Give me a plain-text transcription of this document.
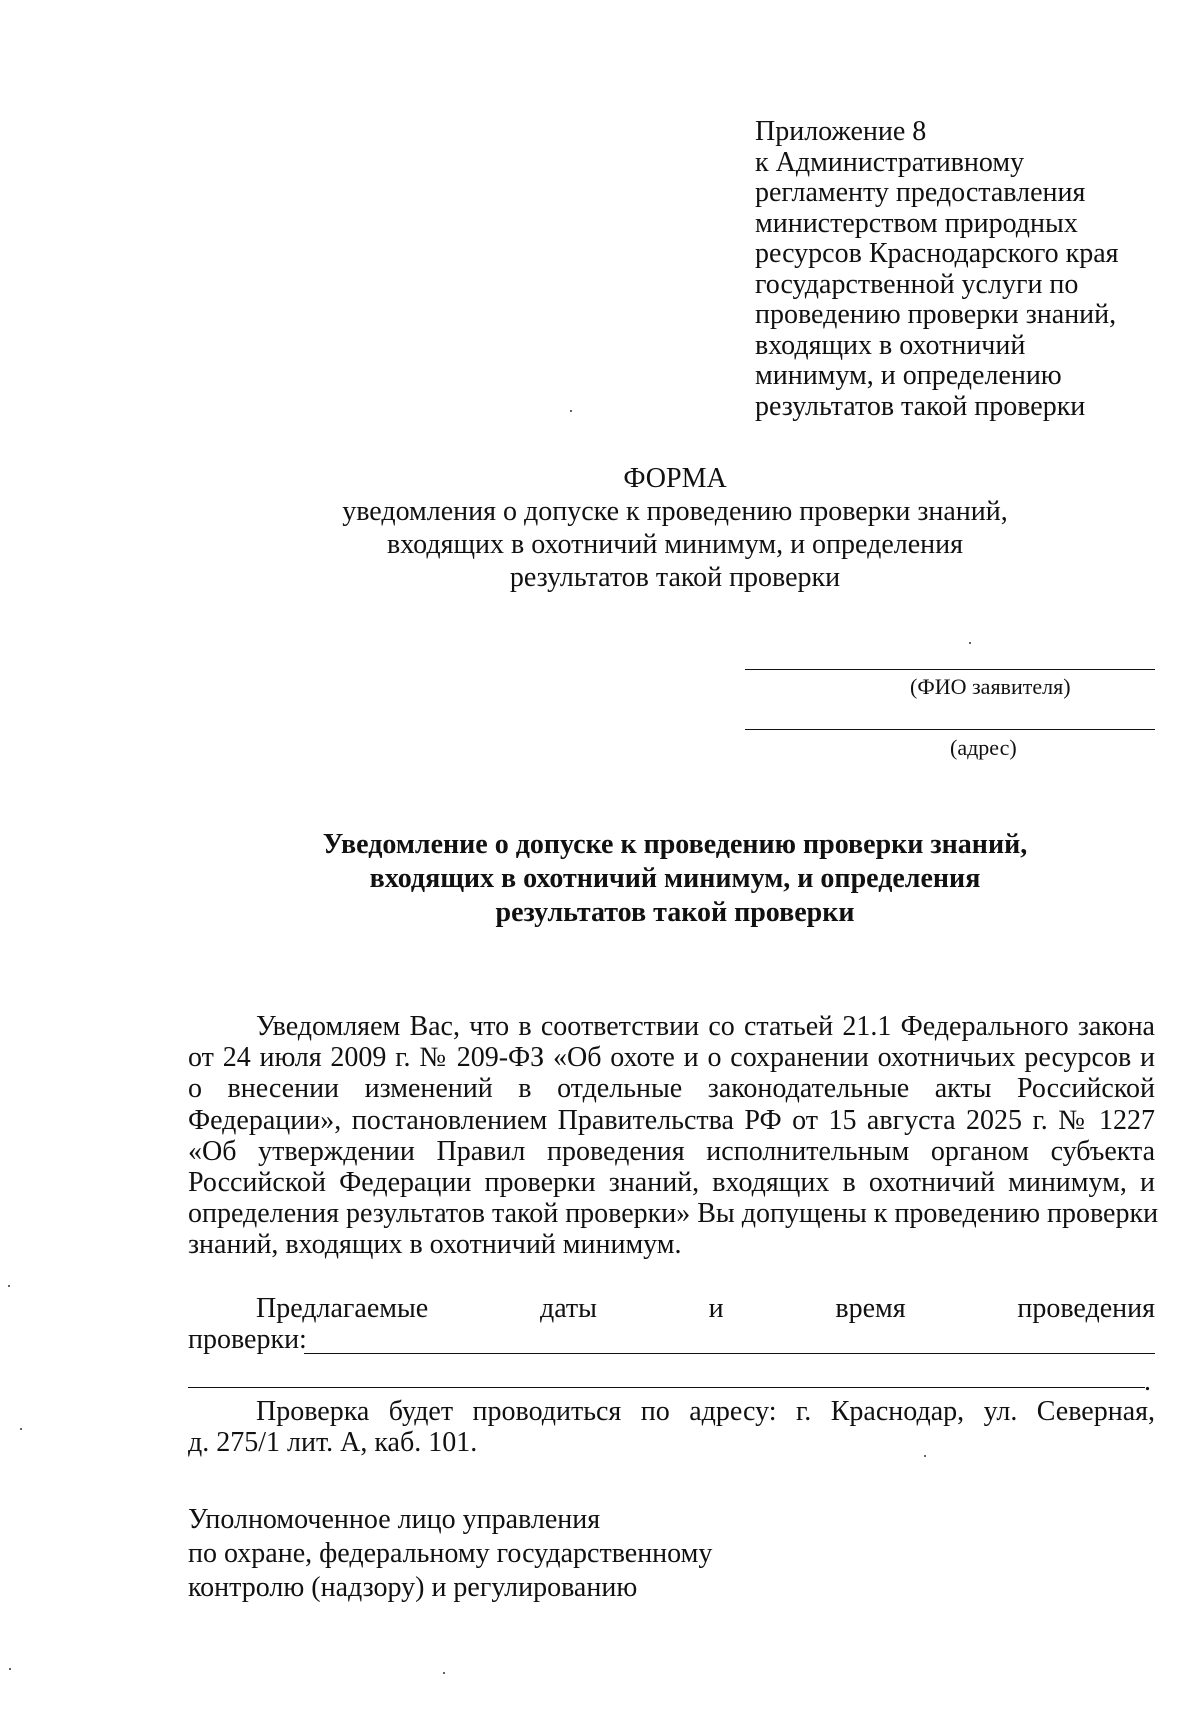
Приложение 8
к Административному
регламенту предоставления
министерством природных
ресурсов Краснодарского края
государственной услуги по
проведению проверки знаний,
входящих в охотничий
минимум, и определению
результатов такой проверки
ФОРМА
уведомления о допуске к проведению проверки знаний,
входящих в охотничий минимум, и определения
результатов такой проверки
(ФИО заявителя)
(адрес)
Уведомление о допуске к проведению проверки знаний,
входящих в охотничий минимум, и определения
результатов такой проверки
Уведомляем Вас, что в соответствии со статьей 21.1 Федерального закона
от 24 июля 2009 г. № 209-ФЗ «Об охоте и о сохранении охотничьих ресурсов и
о внесении изменений в отдельные законодательные акты Российской
Федерации», постановлением Правительства РФ от 15 августа 2025 г. № 1227
«Об утверждении Правил проведения исполнительным органом субъекта
Российской Федерации проверки знаний, входящих в охотничий минимум, и
определения результатов такой проверки» Вы допущены к проведению проверки
знаний, входящих в охотничий минимум.
Предлагаемые	даты	и	время	проведения
проверки:
.
Проверка будет проводиться по адресу: г. Краснодар, ул. Северная,
д. 275/1 лит. А, каб. 101.
Уполномоченное лицо управления
по охране, федеральному государственному
контролю (надзору) и регулированию
